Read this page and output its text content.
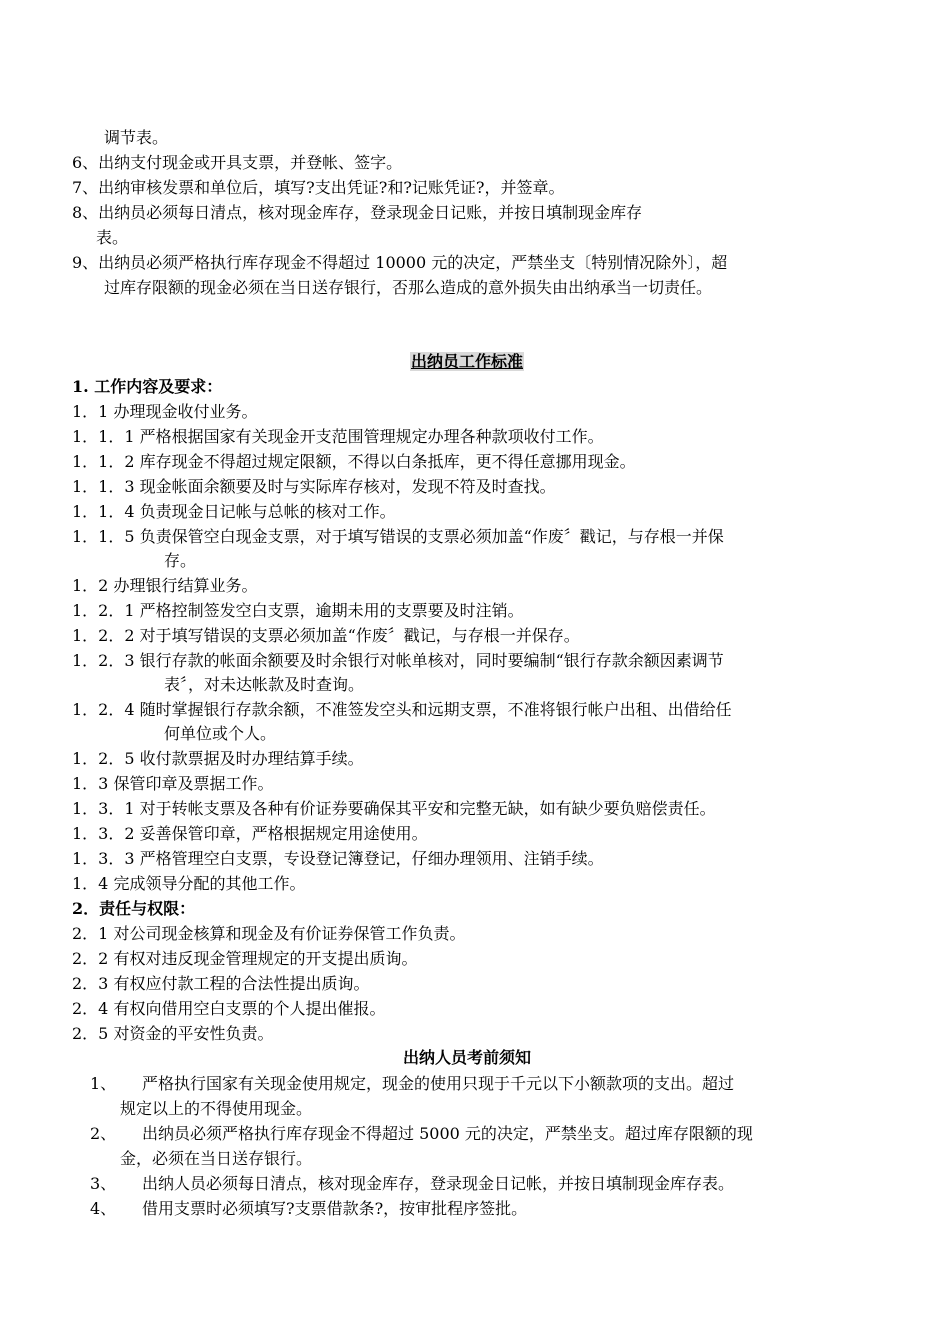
调节表。
6、出纳支付现金或开具支票，并登帐、签字。
7、出纳审核发票和单位后，填写?支出凭证?和?记账凭证?，并签章。
8、出纳员必须每日清点，核对现金库存，登录现金日记账，并按日填制现金库存
表。
9、出纳员必须严格执行库存现金不得超过 10000 元的决定，严禁坐支〔特别情况除外〕，超
过库存限额的现金必须在当日送存银行，否那么造成的意外损失由出纳承当一切责任。
出纳员工作标准
1. 工作内容及要求：
1．1 办理现金收付业务。
1．1．1 严格根据国家有关现金开支范围管理规定办理各种款项收付工作。
1．1．2 库存现金不得超过规定限额，不得以白条抵库，更不得任意挪用现金。
1．1．3 现金帐面余额要及时与实际库存核对，发现不符及时查找。
1．1．4 负责现金日记帐与总帐的核对工作。
1．1．5 负责保管空白现金支票，对于填写错误的支票必须加盖“作废〞戳记，与存根一并保
存。
1．2 办理银行结算业务。
1．2．1 严格控制签发空白支票，逾期未用的支票要及时注销。
1．2．2 对于填写错误的支票必须加盖“作废〞戳记，与存根一并保存。
1．2．3 银行存款的帐面余额要及时余银行对帐单核对，同时要编制“银行存款余额因素调节
表〞，对未达帐款及时查询。
1．2．4 随时掌握银行存款余额，不准签发空头和远期支票，不准将银行帐户出租、出借给任
何单位或个人。
1．2．5 收付款票据及时办理结算手续。
1．3 保管印章及票据工作。
1．3．1 对于转帐支票及各种有价证券要确保其平安和完整无缺，如有缺少要负赔偿责任。
1．3．2 妥善保管印章，严格根据规定用途使用。
1．3．3 严格管理空白支票，专设登记簿登记，仔细办理领用、注销手续。
1．4 完成领导分配的其他工作。
2．责任与权限：
2．1 对公司现金核算和现金及有价证券保管工作负责。
2．2 有权对违反现金管理规定的开支提出质询。
2．3 有权应付款工程的合法性提出质询。
2．4 有权向借用空白支票的个人提出催报。
2．5 对资金的平安性负责。
出纳人员考前须知
1、 严格执行国家有关现金使用规定，现金的使用只现于千元以下小额款项的支出。超过
规定以上的不得使用现金。
2、 出纳员必须严格执行库存现金不得超过 5000 元的决定，严禁坐支。超过库存限额的现
金，必须在当日送存银行。
3、 出纳人员必须每日清点，核对现金库存，登录现金日记帐，并按日填制现金库存表。
4、 借用支票时必须填写?支票借款条?，按审批程序签批。
